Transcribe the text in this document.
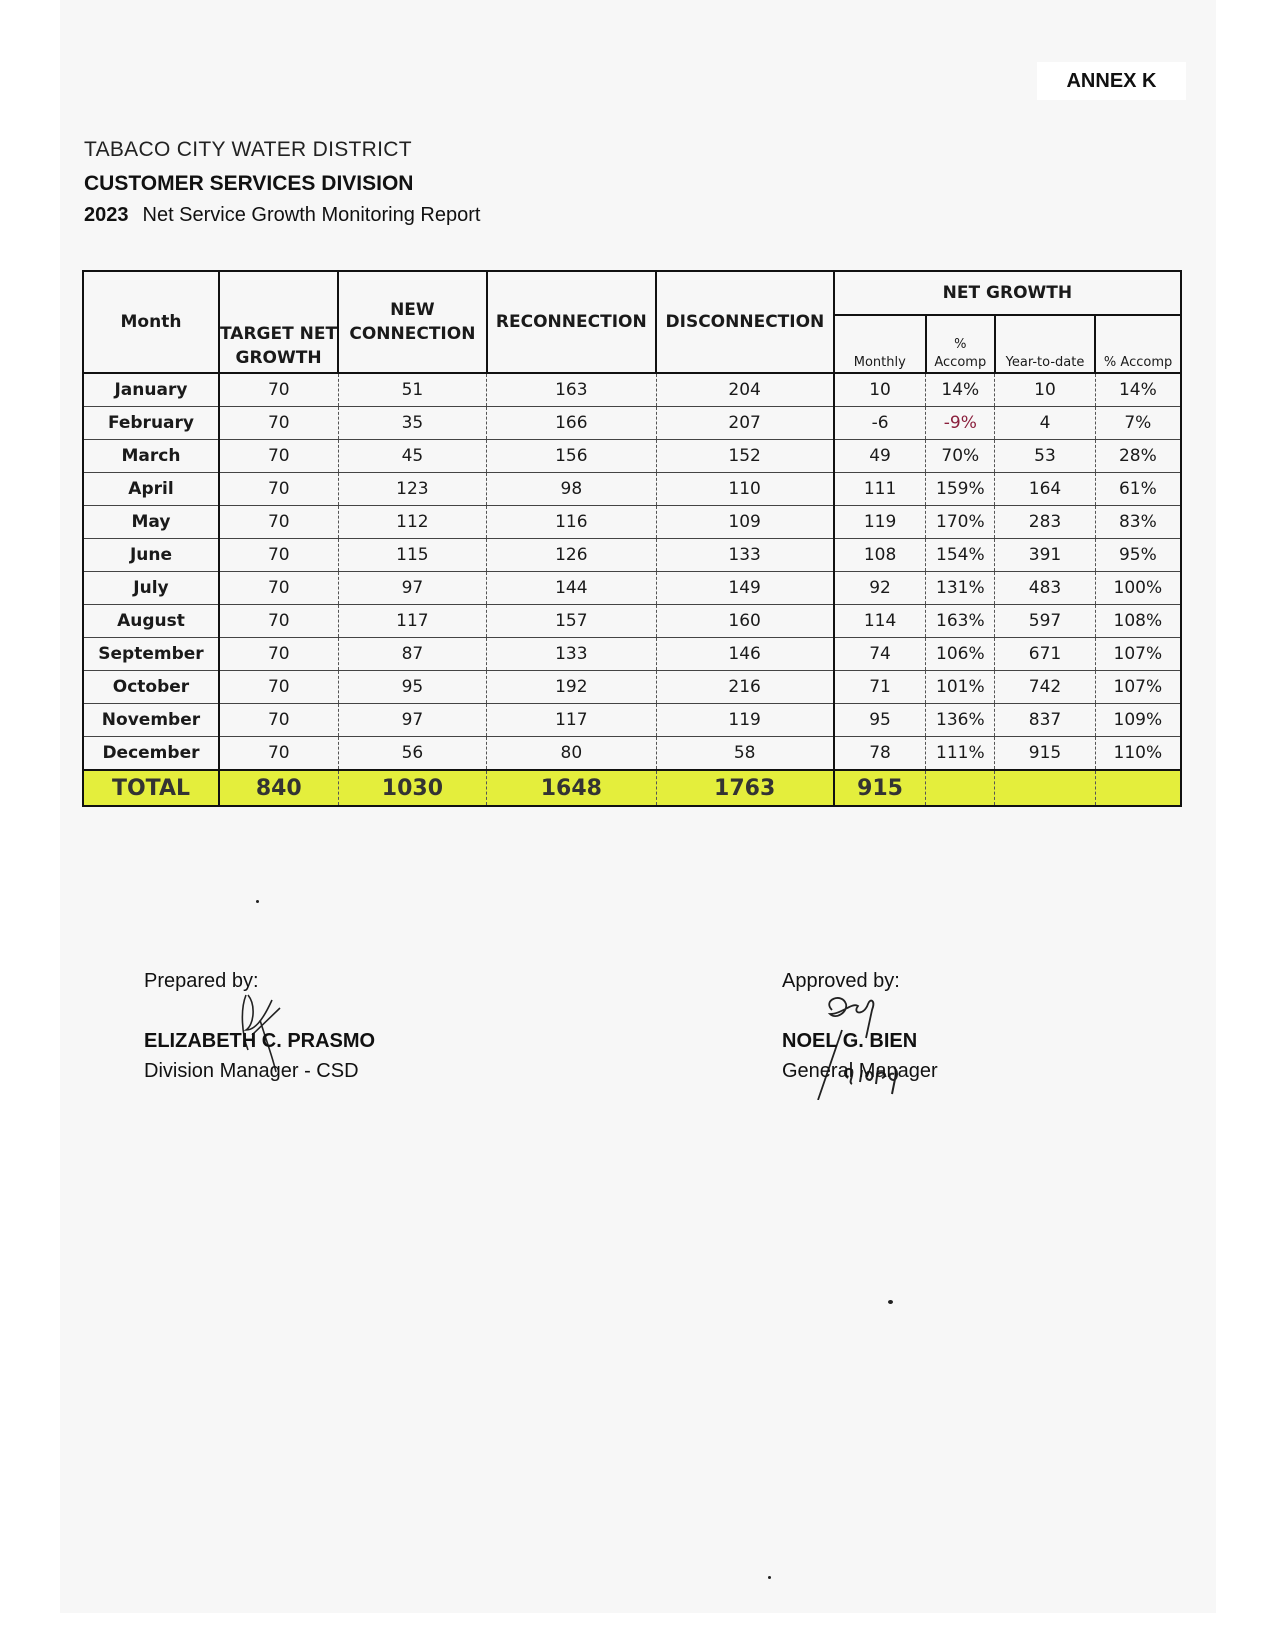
ANNEX K
TABACO CITY WATER DISTRICT
CUSTOMER SERVICES DIVISION
2023 Net Service Growth Monitoring Report
Month	TARGET NET GROWTH	NEW CONNECTION	RECONNECTION	DISCONNECTION	NET GROWTH			
					Monthly	% Accomp	Year-to-date	% Accomp
January	70	51	163	204	10	14%	10	14%
February	70	35	166	207	-6	-9%	4	7%
March	70	45	156	152	49	70%	53	28%
April	70	123	98	110	111	159%	164	61%
May	70	112	116	109	119	170%	283	83%
June	70	115	126	133	108	154%	391	95%
July	70	97	144	149	92	131%	483	100%
August	70	117	157	160	114	163%	597	108%
September	70	87	133	146	74	106%	671	107%
October	70	95	192	216	71	101%	742	107%
November	70	97	117	119	95	136%	837	109%
December	70	56	80	58	78	111%	915	110%
TOTAL	840	1030	1648	1763	915			
Prepared by:
ELIZABETH C. PRASMO
Division Manager - CSD
Approved by:
NOEL G. BIEN
General Manager
